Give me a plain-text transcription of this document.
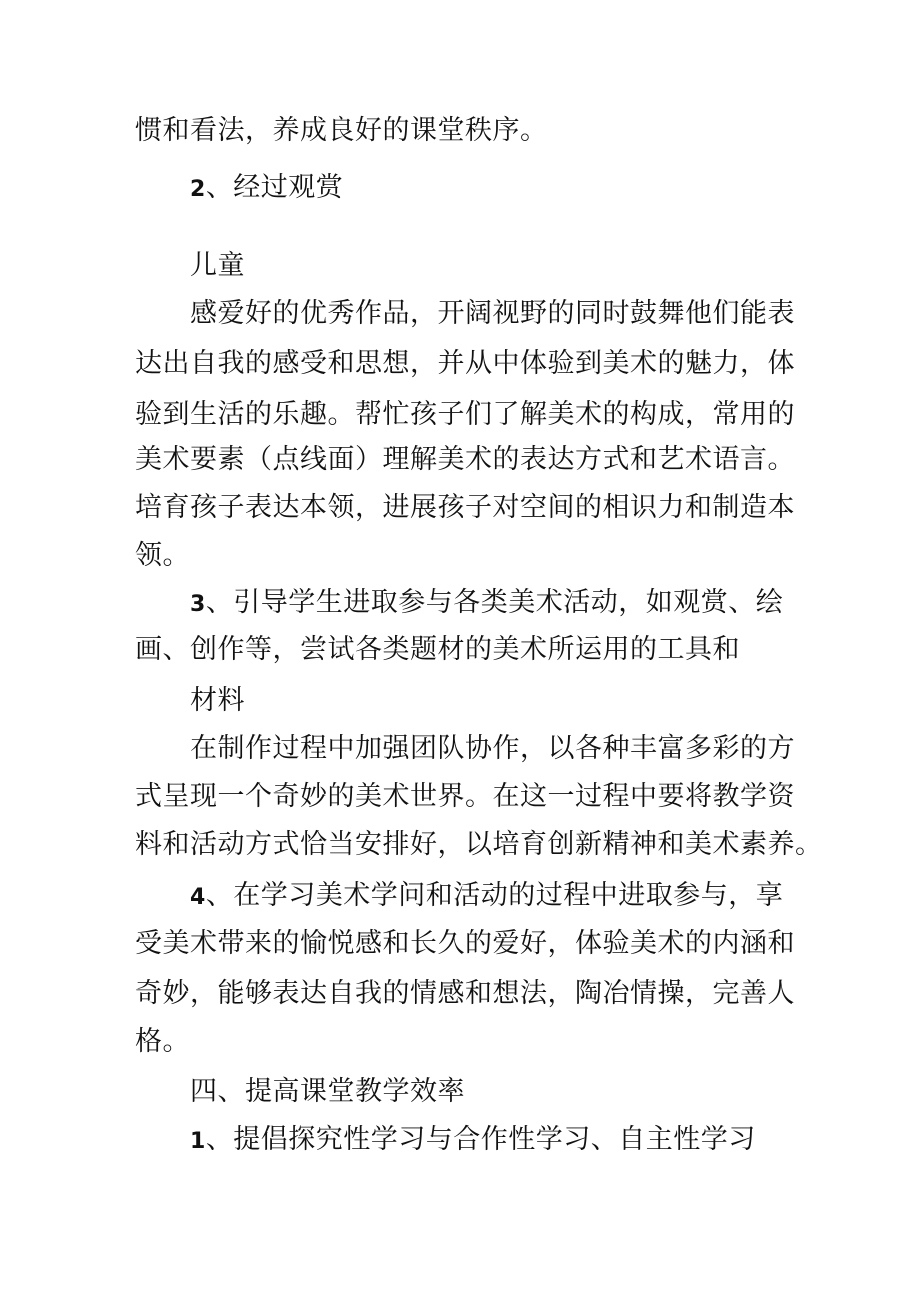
惯和看法，养成良好的课堂秩序。
2、经过观赏
儿童
感爱好的优秀作品，开阔视野的同时鼓舞他们能表
达出自我的感受和思想，并从中体验到美术的魅力，体
验到生活的乐趣。帮忙孩子们了解美术的构成，常用的
美术要素（点线面）理解美术的表达方式和艺术语言。
培育孩子表达本领，进展孩子对空间的相识力和制造本
领。
3、引导学生进取参与各类美术活动，如观赏、绘
画、创作等，尝试各类题材的美术所运用的工具和
材料
在制作过程中加强团队协作，以各种丰富多彩的方
式呈现一个奇妙的美术世界。在这一过程中要将教学资
料和活动方式恰当安排好，以培育创新精神和美术素养。
4、在学习美术学问和活动的过程中进取参与，享
受美术带来的愉悦感和长久的爱好，体验美术的内涵和
奇妙，能够表达自我的情感和想法，陶冶情操，完善人
格。
四、提高课堂教学效率
1、提倡探究性学习与合作性学习、自主性学习
